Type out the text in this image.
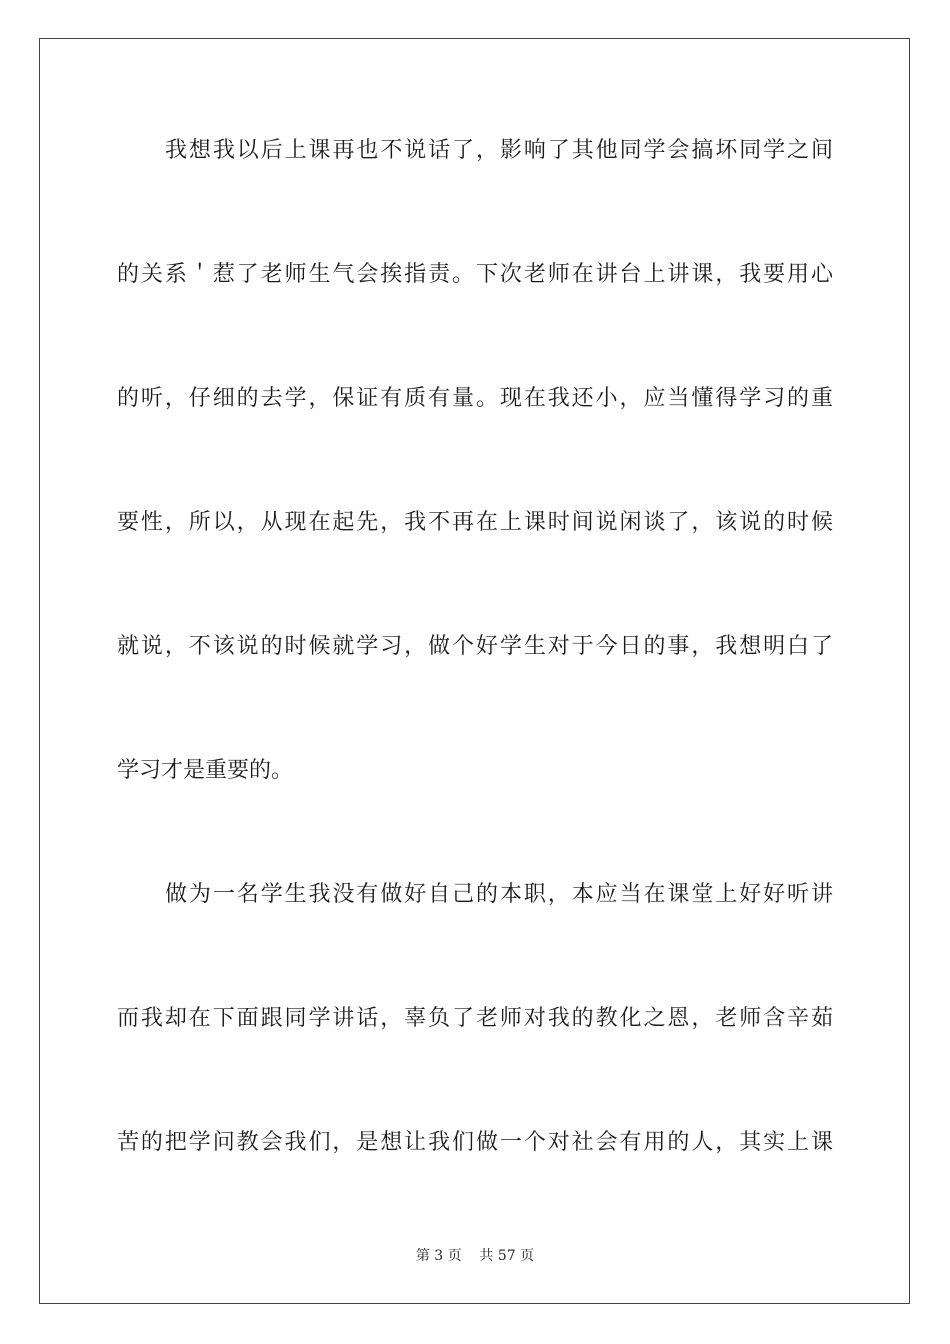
我想我以后上课再也不说话了，影响了其他同学会搞坏同学之间
的关系＇惹了老师生气会挨指责。下次老师在讲台上讲课，我要用心
的听，仔细的去学，保证有质有量。现在我还小，应当懂得学习的重
要性，所以，从现在起先，我不再在上课时间说闲谈了，该说的时候
就说，不该说的时候就学习，做个好学生对于今日的事，我想明白了
学习才是重要的。
做为一名学生我没有做好自己的本职，本应当在课堂上好好听讲
而我却在下面跟同学讲话，辜负了老师对我的教化之恩，老师含辛茹
苦的把学问教会我们，是想让我们做一个对社会有用的人，其实上课
第 3 页    共 57 页
